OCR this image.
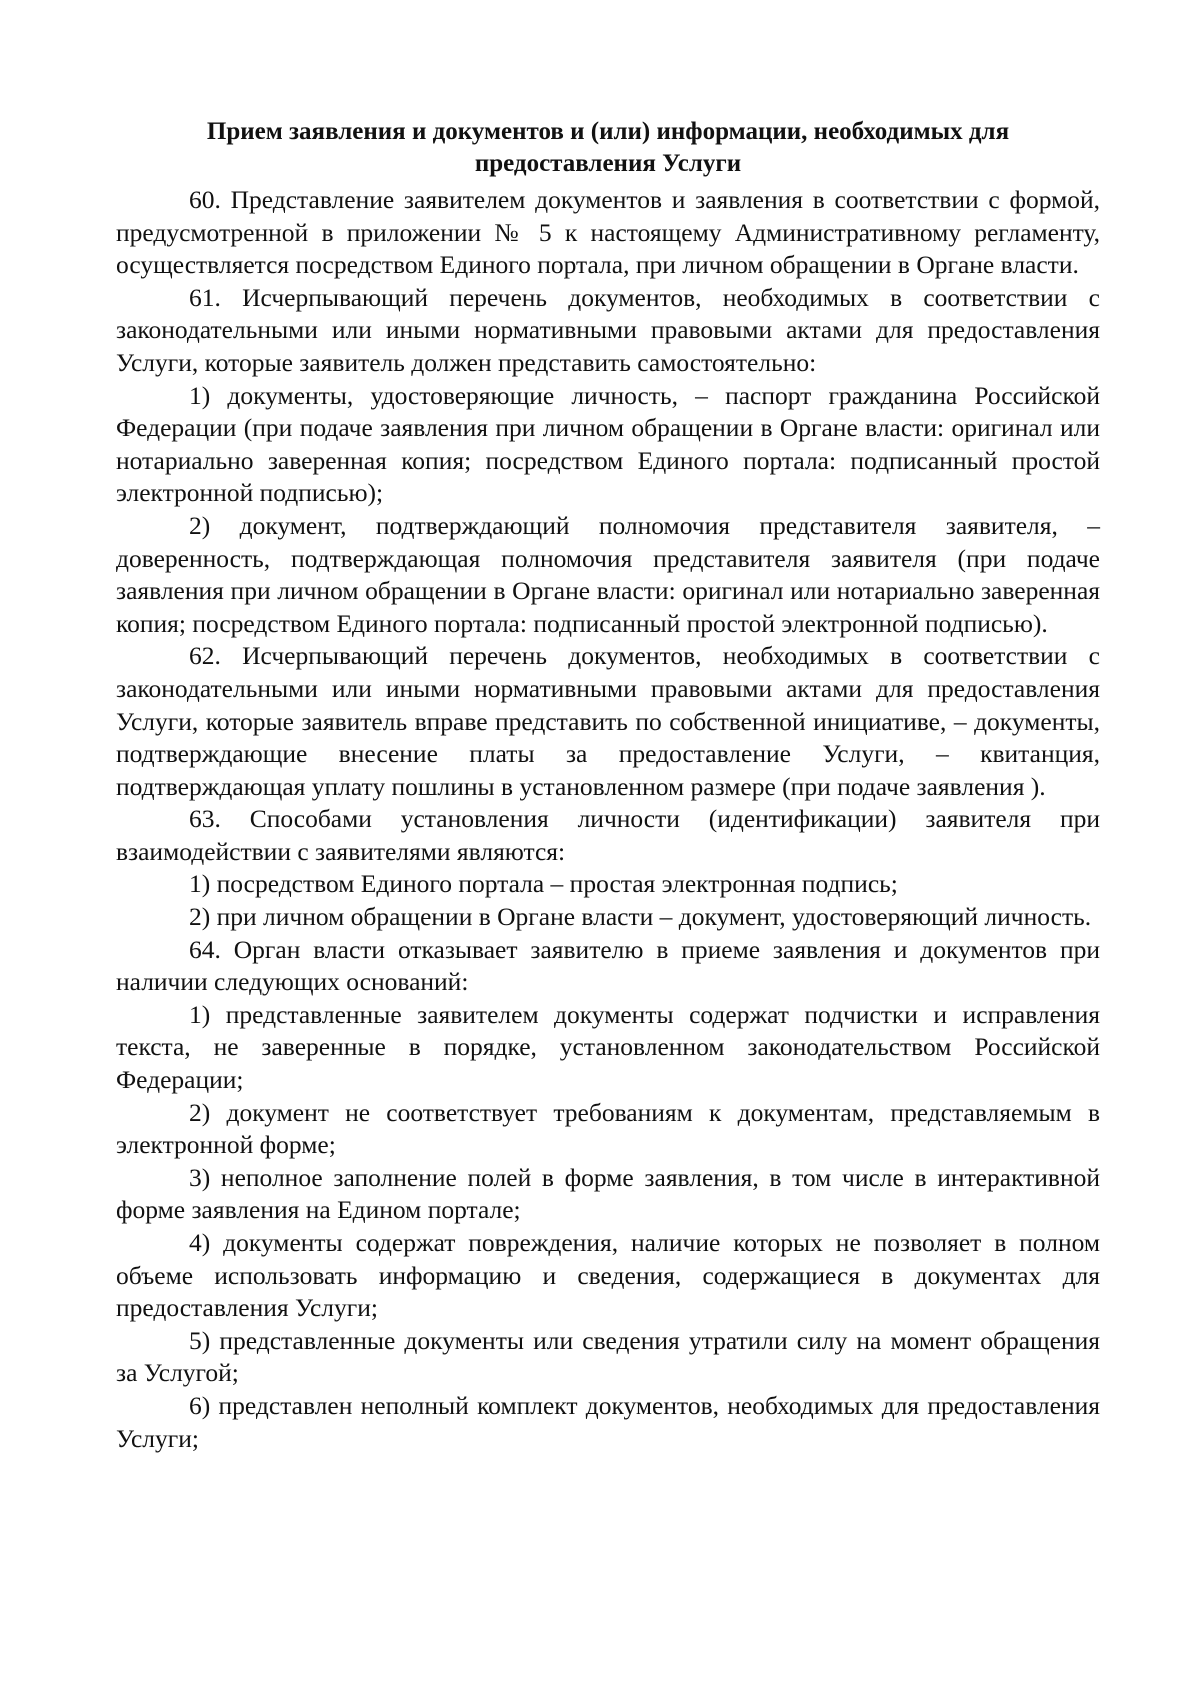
Прием заявления и документов и (или) информации, необходимых для
предоставления Услуги

60. Представление заявителем документов и заявления в соответствии с формой, предусмотренной в приложении № 5 к настоящему Административному регламенту, осуществляется посредством Единого портала, при личном обращении в Органе власти.

61. Исчерпывающий перечень документов, необходимых в соответствии с законодательными или иными нормативными правовыми актами для предоставления Услуги, которые заявитель должен представить самостоятельно:

1) документы, удостоверяющие личность, – паспорт гражданина Российской Федерации (при подаче заявления при личном обращении в Органе власти: оригинал или нотариально заверенная копия; посредством Единого портала: подписанный простой электронной подписью);

2) документ, подтверждающий полномочия представителя заявителя, – доверенность, подтверждающая полномочия представителя заявителя (при подаче заявления при личном обращении в Органе власти: оригинал или нотариально заверенная копия; посредством Единого портала: подписанный простой электронной подписью).

62. Исчерпывающий перечень документов, необходимых в соответствии с законодательными или иными нормативными правовыми актами для предоставления Услуги, которые заявитель вправе представить по собственной инициативе, – документы, подтверждающие внесение платы за предоставление Услуги, – квитанция, подтверждающая уплату пошлины в установленном размере (при подаче заявления ).

63. Способами установления личности (идентификации) заявителя при взаимодействии с заявителями являются:

1) посредством Единого портала – простая электронная подпись;

2) при личном обращении в Органе власти – документ, удостоверяющий личность.

64. Орган власти отказывает заявителю в приеме заявления и документов при наличии следующих оснований:

1) представленные заявителем документы содержат подчистки и исправления текста, не заверенные в порядке, установленном законодательством Российской Федерации;

2) документ не соответствует требованиям к документам, представляемым в электронной форме;

3) неполное заполнение полей в форме заявления, в том числе в интерактивной форме заявления на Едином портале;

4) документы содержат повреждения, наличие которых не позволяет в полном объеме использовать информацию и сведения, содержащиеся в документах для предоставления Услуги;

5) представленные документы или сведения утратили силу на момент обращения за Услугой;

6) представлен неполный комплект документов, необходимых для предоставления Услуги;
